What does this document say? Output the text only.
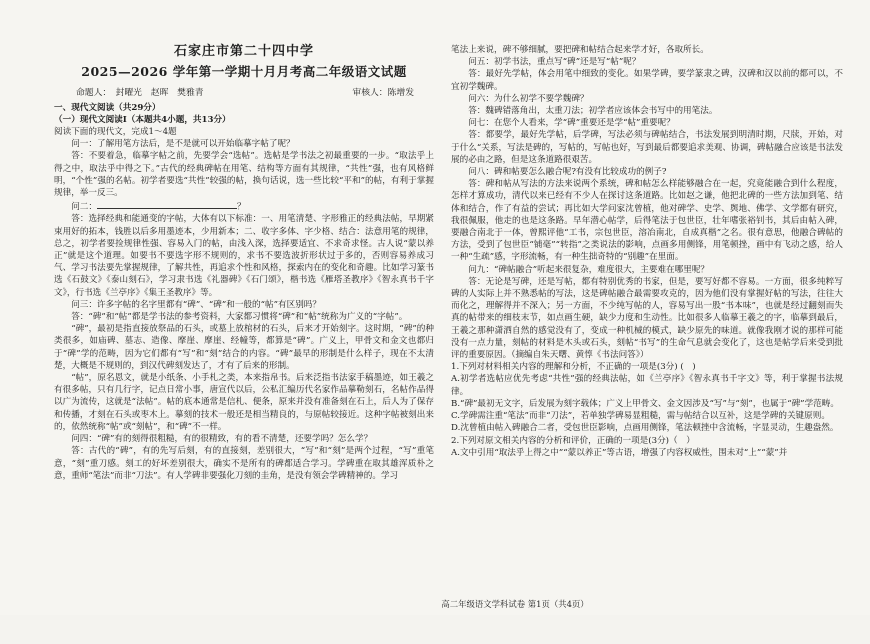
石家庄市第二十四中学
2025—2026 学年第一学期十月月考高二年级语文试题
命题人：　封曜光　赵晖　樊雅青	审核人：陈增发
一、现代文阅读（共29分）
（一）现代文阅读Ⅰ（本题共4小题，共13分）

阅读下面的现代文，完成1～4题

问一：了解用笔方法后，是不是就可以开始临摹字帖了呢？

答：不要着急，临摹字帖之前，先要学会“选帖”。选帖是学书法之初最重要的一步。“取法乎上得之中，取法乎中得之下。”古代的经典碑帖在用笔、结构等方面有其规律，“共性”强，也有风格鲜明，“个性”强的名帖。初学者要选“共性”较强的帖，换句话说，选一些比较“平和”的帖，有利于掌握规律，举一反三。

问二：	？

答：选择经典和能通变的字帖，大体有以下标准：一、用笔清楚、字形雅正的经典法帖，早期紧束用好的拓本，钱胜以后多用墨迹本，少用新本；二、收字多体、字少格、结合：法意用笔的规律，总之，初学者要捡规律性强、容易入门的帖，由浅入深，选择要适宜、不求奇求怪。古人说“蒙以养正”就是这个道理。如要书不要选字形不规则的，求书不要选波折形状过于多的，否则容易养成习气、学习书法要先掌握规律，了解共性，再追求个性和风格，探索内在的变化和奇趣。比如学习篆书选《石鼓文》《泰山刻石》，学习隶书选《礼器碑》《石门颂》，楷书选《雁塔圣教序》《智永真书千字文》，行书选《兰亭序》《集王圣教序》等。

问三：许多字帖的名字里都有“碑”、“碑”和一般的“帖”有区别吗？

答：“碑”和“帖”都是学书法的参考资料，大家都习惯将“碑”和“帖”统称为广义的“字帖”。

“碑”，最初是指直接放祭品的石头，或墓上放棺材的石头，后来才开始刻字。这时期，“碑”的种类很多，如庙碑、墓志、造像、摩崖、摩崖、经幢等，都算是“碑”。广义上，甲骨文和金文也都归于“碑”学的范畴，因为它们都有“写”和“刻”结合的内容。“碑”最早的形制是什么样子，现在不太清楚，大概是不规则的，到汉代碑刻发达了，才有了后来的形制。

“帖”，原名恩文，就是小纸条、小手札之类，本来指帛书。后来泛指书法家手稿墨迹，如王羲之有很多帖，只有几行字，记点日常小事，唐宣代以后，公私汇编历代名家作品摹勒刻石，名帖作品得以广为流传，这就是“法帖”。帖的底本通常是信札、便条，原来并没有准备刻在石上，后人为了保存和传播，才刻在石头或枣木上。摹刻的技术一般还是相当精良的，与原帖较接近。这种字帖被刻出来的，依然统称“帖”或“刻帖”，和“碑”不一样。

问四：“碑”有的刻得很粗糙，有的很精致，有的看不清楚，还要学吗？怎么学？

答：古代的“碑”，有的先写后刻，有的直接刻，差别很大，“写”和“刻”是两个过程，“写”重笔意，“刻”重刀感。刻工的好坏差别很大，确实不是所有的碑都适合学习。学碑重在取其雄浑质朴之意，重师“笔法”而非“刀法”。有人学碑非要强化刀刻的圭角，是没有领会学碑精神的。学习

笔法上来说，碑不够细腻，要把碑和帖结合起来学才好，各取所长。

问五：初学书法，重点写“碑”还是写“帖”呢？

答：最好先学帖，体会用笔中细致的变化。如果学碑，要学篆隶之碑，汉碑和汉以前的都可以，不宜初学魏碑。

问六：为什么初学不要学魏碑？

答：魏碑错落角出，太重刀法；初学者应该体会书写中的用笔法。

问七：在您个人看来，学“碑”重要还是学“帖”重要呢？

答：都要学，最好先学帖，后学碑，写法必须与碑帖结合，书法发展到明清时期，尺牍，开始，对于什么“关系，写法是碑的，写帖的，写帖也好，写到最后都要追求美观、协调，碑帖融合应该是书法发展的必由之路，但是这条道路很艰苦。

问八：碑和帖要怎么融合呢?有没有比较成功的例子?

答：碑和帖从写法的方法来说两个系统，碑和帖怎么样能够融合在一起，究竟能融合到什么程度，怎样才算成功，清代以来已经有不少人在探讨这条道路。比如赵之谦，他把北碑的一些方法加到笔、结体和结合，作了有益的尝试；再比如大学问家沈曾植，他对碑学、史学、舆地、佛学、文学都有研究，我很佩服，他走的也是这条路。早年潜心帖学，后得笔法于包世臣，壮年嗜张裕钊书，其后由帖入碑，要融合南北于一体，曾熙评他“工书，宗包世臣，溶冶南北，自成真楷”之名。很有意思，他融合碑帖的方法，受到了包世臣“铺毫”“转指”之类说法的影响，点画多用侧锋，用笔顿挫，画中有飞动之感，给人一种“生疏”感，字形流畅，有一种生拙奇特的“别趣”在里面。

问九：“碑帖融合”听起来很复杂，难度很大，主要难在哪里呢？

答：无论是写碑，还是写帖，都有特别优秀的书家，但是，要写好都不容易。一方面，很多纯粹写碑的人实际上并不熟悉帖的写法，这是碑帖融合最需要攻克的，因为他们没有掌握好帖的写法，往往大而化之，理解得并不深入；另一方面，不少纯写帖的人，容易写出一股“书本味”，也就是经过翻刻而失真的帖带来的细枝末节，如点画生硬，缺少力度和生动性。比如很多人临摹王羲之的字，临摹到最后，王羲之那种潇洒自然的感觉没有了，变成一种机械的模式，缺少原先的味道。就像我刚才说的那样可能没有一点力量，刻帖的材料是木头或石头，刻帖“书写”的生命气息就会变化了，这也是帖学后来受到批评的重要原因。（摘编自朱天曙、黄惇《书法问答》）

1.下列对材料相关内容的理解和分析，不正确的一项是(3分) (　)

A.初学者选帖应优先考虑“共性”强的经典法帖，如《兰亭序》《智永真书千字文》等，利于掌握书法规律。

B.“碑”最初无文字，后发展为刻字载体；广义上甲骨文、金文因涉及“写”与“刻”，也属于“碑”学范畴。

C.学碑需注重“笔法”而非“刀法”，若单独学碑易显粗糙，需与帖结合以互补，这是学碑的关键原则。

D.沈曾植由帖入碑融合二者，受包世臣影响，点画用侧锋，笔法顿挫中含流畅，字显灵动，生趣盎然。

2.下列对原文相关内容的分析和评价，正确的一项是(3分)（　）

A.文中引用“取法乎上得之中”“蒙以养正”等古语，增强了内容权威性，围未对“上”“蒙”并

高二年级语文学科试卷 第1页（共4页）
